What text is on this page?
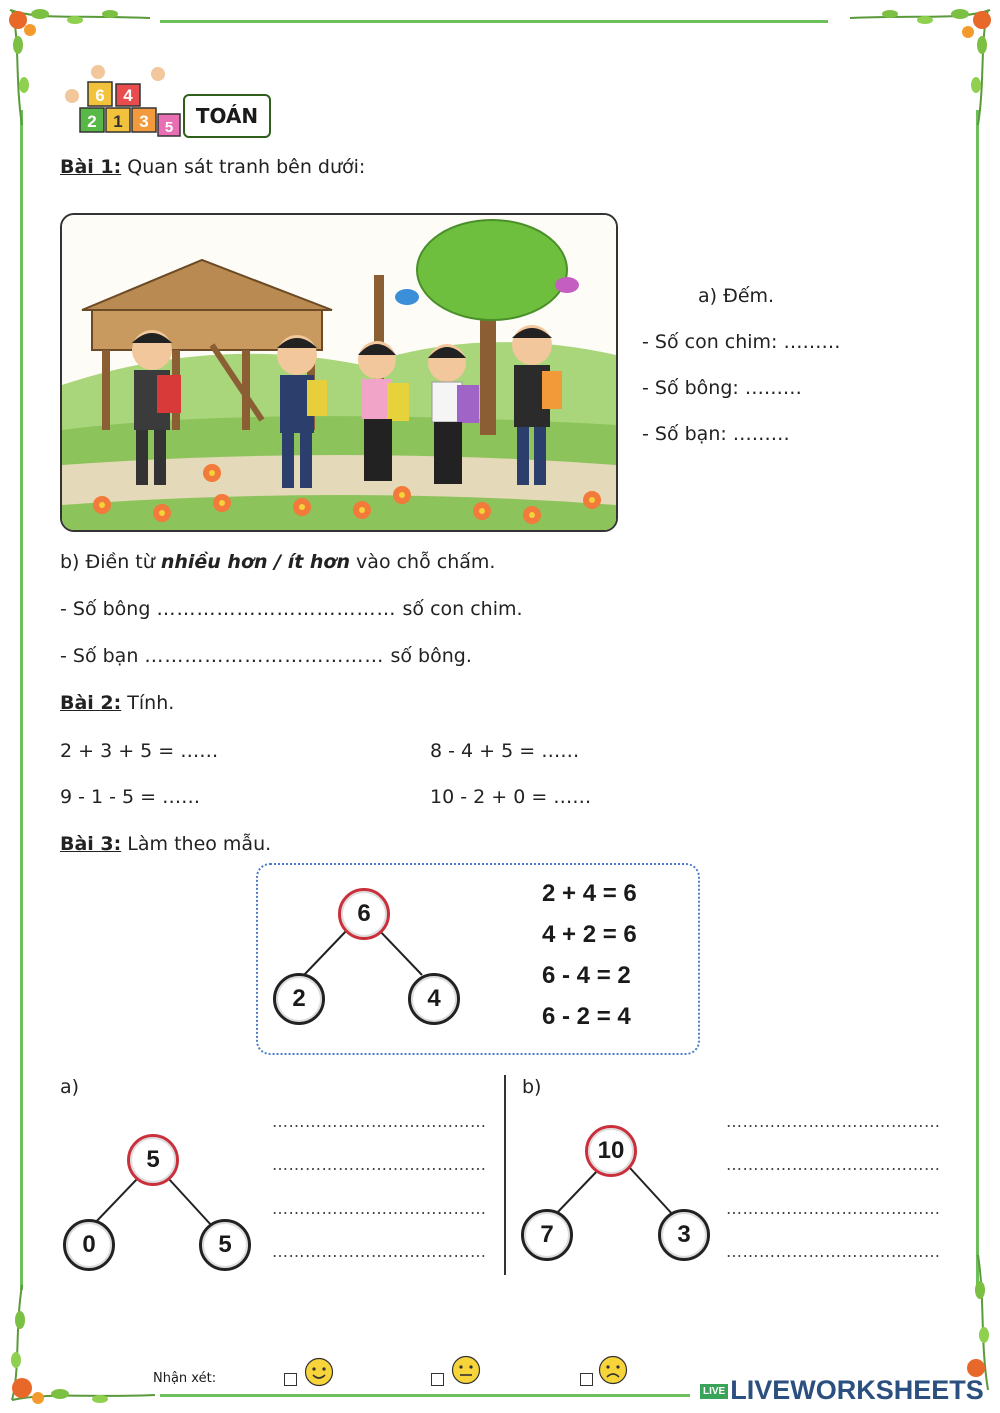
6 4
2 1 3 5	TOÁN
Bài 1: Quan sát tranh bên dưới:
a) Đếm.
- Số con chim: ………
- Số bông: ………
- Số bạn: ………
b) Điền từ nhiều hơn / ít hơn vào chỗ chấm.
- Số bông ……………………………… số con chim.
- Số bạn ……………………………… số bông.
Bài 2: Tính.
2 + 3 + 5 = ……	8 - 4 + 5 = ……
9 - 1 - 5 = ……	10 - 2 + 0 = ……
Bài 3: Làm theo mẫu.
6
2	4
2 + 4 = 6
4 + 2 = 6
6 - 4 = 2
6 - 2 = 4
a)
5
0	5
…………………………………
…………………………………
…………………………………
…………………………………
b)
10
7	3
…………………………………
…………………………………
…………………………………
…………………………………
Nhận xét:
LIVE LIVEWORKSHEETS
